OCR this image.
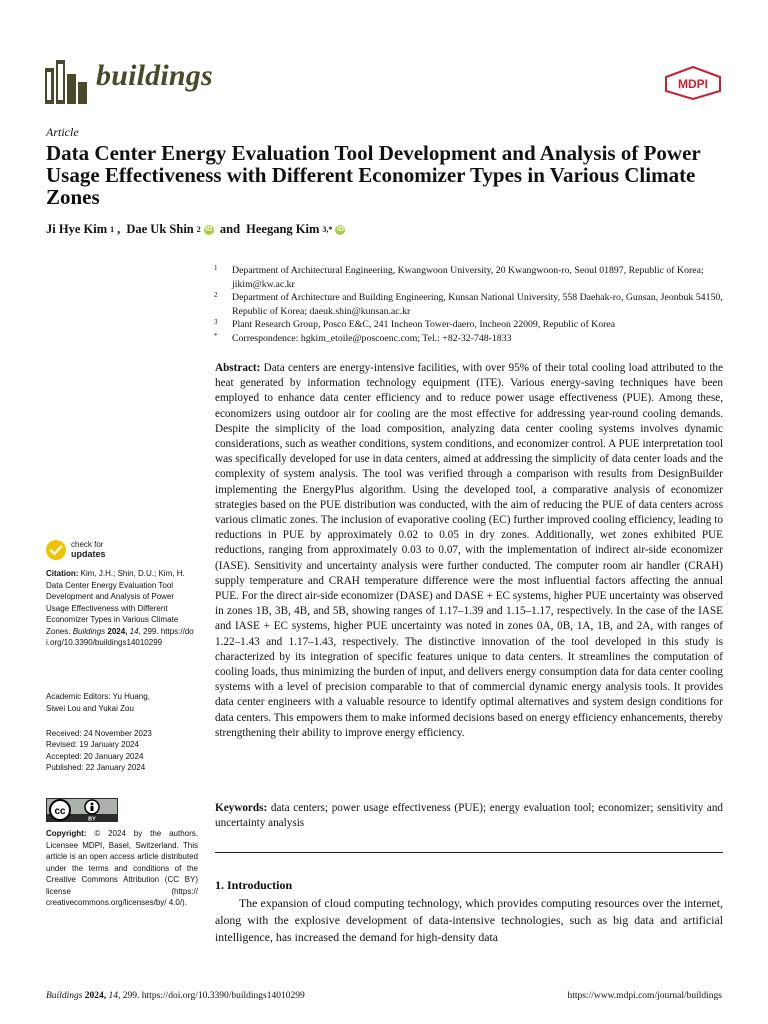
buildings	MDPI
Article
Data Center Energy Evaluation Tool Development and Analysis of Power Usage Effectiveness with Different Economizer Types in Various Climate Zones
Ji Hye Kim 1 , Dae Uk Shin 2 iD and Heegang Kim 3,* iD
1 Department of Architectural Engineering, Kwangwoon University, 20 Kwangwoon-ro, Seoul 01897, Republic of Korea; jikim@kw.ac.kr
2 Department of Architecture and Building Engineering, Kunsan National University, 558 Daehak-ro, Gunsan, Jeonbuk 54150, Republic of Korea; daeuk.shin@kunsan.ac.kr
3 Plant Research Group, Posco E&C, 241 Incheon Tower-daero, Incheon 22009, Republic of Korea
* Correspondence: hgkim_etoile@poscoenc.com; Tel.: +82-32-748-1833
Abstract: Data centers are energy-intensive facilities, with over 95% of their total cooling load attributed to the heat generated by information technology equipment (ITE). Various energy-saving techniques have been employed to enhance data center efficiency and to reduce power usage effectiveness (PUE). Among these, economizers using outdoor air for cooling are the most effective for addressing year-round cooling demands. Despite the simplicity of the load composition, analyzing data center cooling systems involves dynamic considerations, such as weather conditions, system conditions, and economizer control. A PUE interpretation tool was specifically developed for use in data centers, aimed at addressing the simplicity of data center loads and the complexity of system analysis. The tool was verified through a comparison with results from DesignBuilder implementing the EnergyPlus algorithm. Using the developed tool, a comparative analysis of economizer strategies based on the PUE distribution was conducted, with the aim of reducing the PUE of data centers across various climatic zones. The inclusion of evaporative cooling (EC) further improved cooling efficiency, leading to reductions in PUE by approximately 0.02 to 0.05 in dry zones. Additionally, wet zones exhibited PUE reductions, ranging from approximately 0.03 to 0.07, with the implementation of indirect air-side economizer (IASE). Sensitivity and uncertainty analysis were further conducted. The computer room air handler (CRAH) supply temperature and CRAH temperature difference were the most influential factors affecting the annual PUE. For the direct air-side economizer (DASE) and DASE + EC systems, higher PUE uncertainty was observed in zones 1B, 3B, 4B, and 5B, showing ranges of 1.17–1.39 and 1.15–1.17, respectively. In the case of the IASE and IASE + EC systems, higher PUE uncertainty was noted in zones 0A, 0B, 1A, 1B, and 2A, with ranges of 1.22–1.43 and 1.17–1.43, respectively. The distinctive innovation of the tool developed in this study is characterized by its integration of specific features unique to data centers. It streamlines the computation of cooling loads, thus minimizing the burden of input, and delivers energy consumption data for data center cooling systems with a level of precision comparable to that of commercial dynamic energy analysis tools. It provides data center engineers with a valuable resource to identify optimal alternatives and system design conditions for data centers. This empowers them to make informed decisions based on energy efficiency enhancements, thereby strengthening their ability to improve energy efficiency.
Keywords: data centers; power usage effectiveness (PUE); energy evaluation tool; economizer; sensitivity and uncertainty analysis
check for
updates
Citation: Kim, J.H.; Shin, D.U.; Kim, H. Data Center Energy Evaluation Tool Development and Analysis of Power Usage Effectiveness with Different Economizer Types in Various Climate Zones. Buildings 2024, 14, 299. https://doi.org/10.3390/buildings14010299
Academic Editors: Yu Huang,
Siwei Lou and Yukai Zou
Received: 24 November 2023
Revised: 19 January 2024
Accepted: 20 January 2024
Published: 22 January 2024
cc
BY
Copyright: © 2024 by the authors. Licensee MDPI, Basel, Switzerland. This article is an open access article distributed under the terms and conditions of the Creative Commons Attribution (CC BY) license (https:// creativecommons.org/licenses/by/ 4.0/).
1. Introduction
The expansion of cloud computing technology, which provides computing resources over the internet, along with the explosive development of data-intensive technologies, such as big data and artificial intelligence, has increased the demand for high-density data
Buildings 2024, 14, 299. https://doi.org/10.3390/buildings14010299	https://www.mdpi.com/journal/buildings
